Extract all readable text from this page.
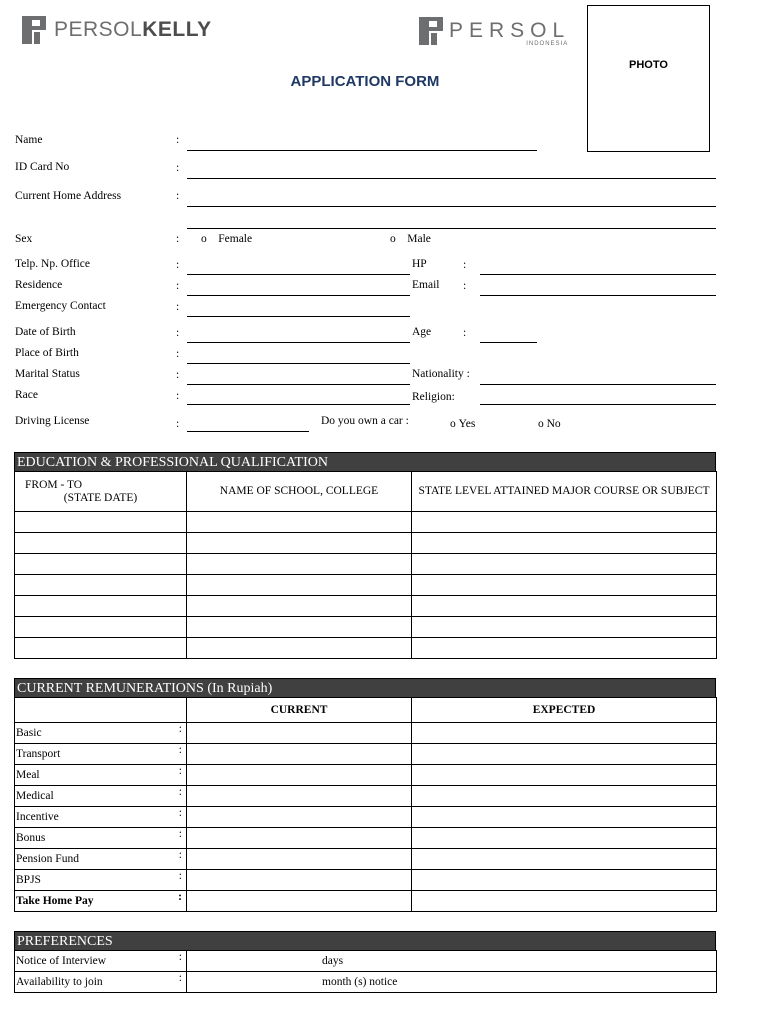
PERSOLKELLY	PERSOL
INDONESIA
PHOTO
APPLICATION FORM
Name	:
ID Card No	:
Current Home Address	:
Sex	: o Female	o Male
Telp. Np. Office	:	HP	:
Residence	:	Email :
Emergency Contact	:
Date of Birth	:	Age	:
Place of Birth	:
Marital Status	:	Nationality :
Race	:	Religion:
Driving License	:	Do you own a car :	o Yes	o No
EDUCATION & PROFESSIONAL QUALIFICATION
FROM - TO
(STATE DATE)	NAME OF SCHOOL, COLLEGE	STATE LEVEL ATTAINED MAJOR COURSE OR SUBJECT

CURRENT REMUNERATIONS (In Rupiah)
	CURRENT	EXPECTED
Basic :		

Transport :		

Meal :		

Medical :		

Incentive :		

Bonus :		

Pension Fund :		

BPJS :		

Take Home Pay :		

PREFERENCES
Notice of Interview :	days
Availability to join :	month (s) notice
